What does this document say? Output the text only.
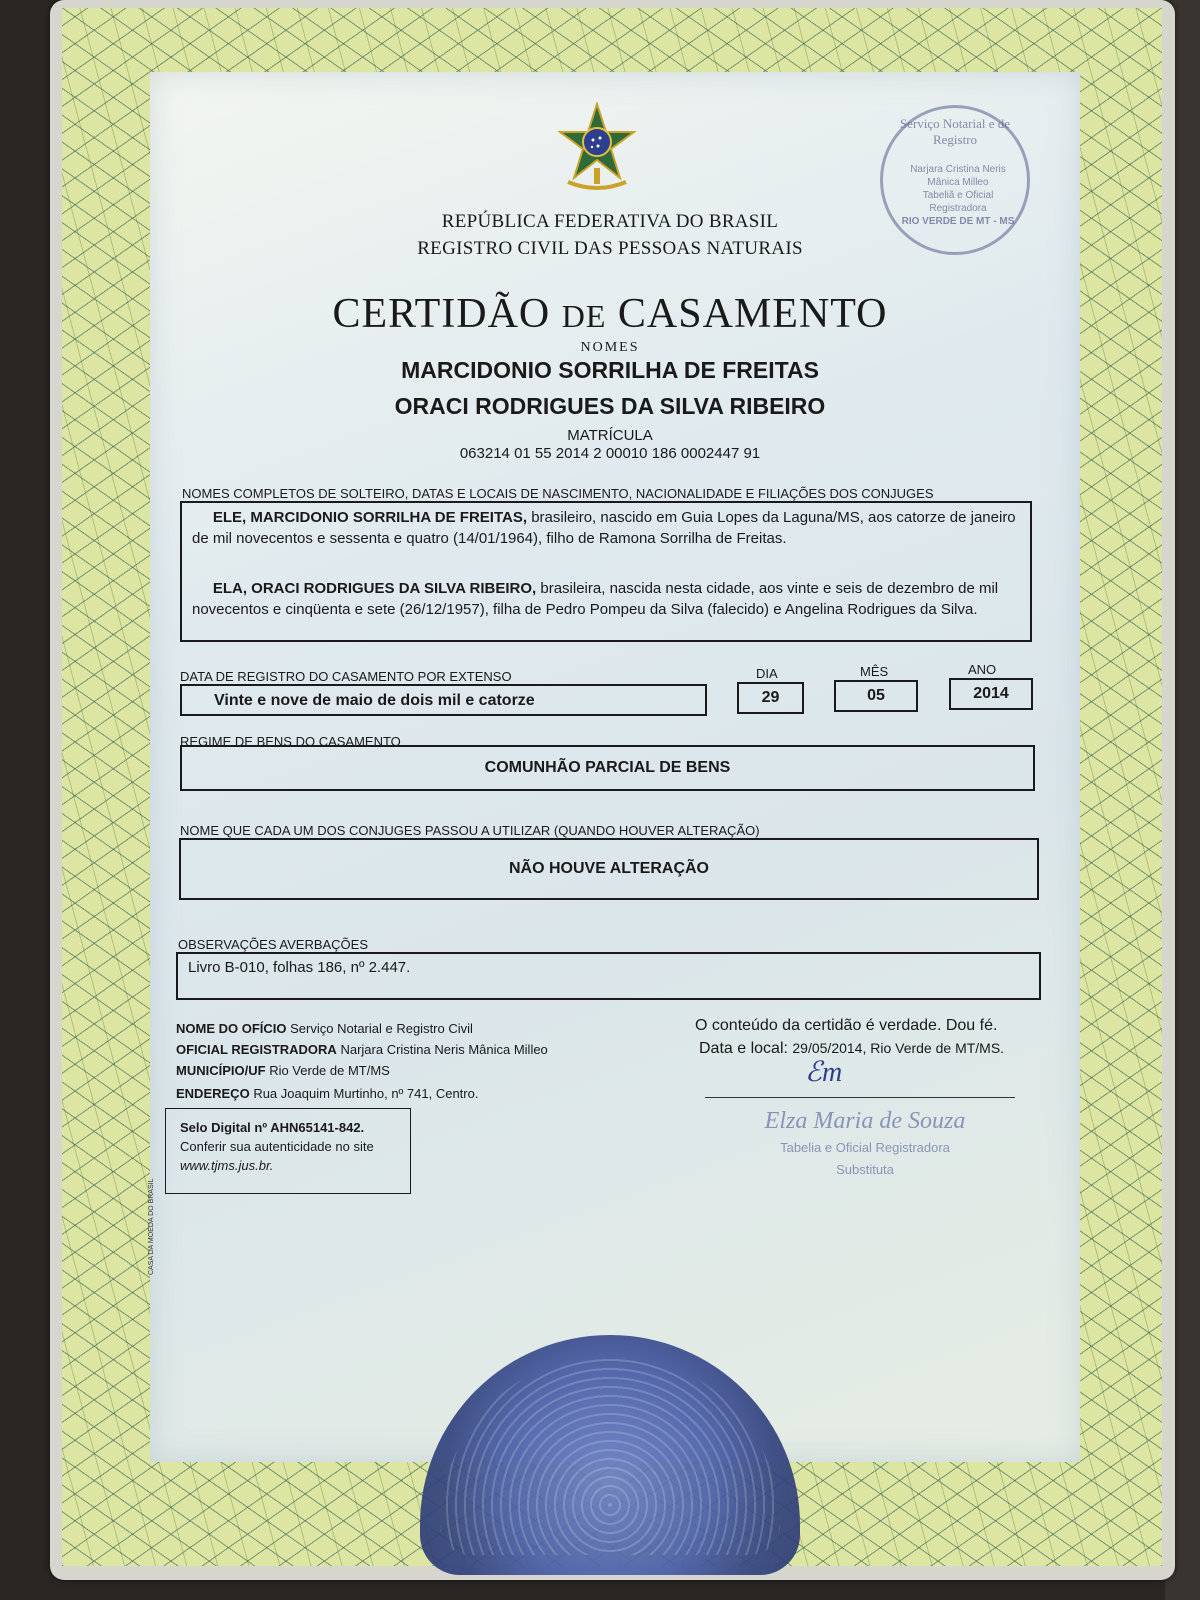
Serviço Notarial e de Registro
Narjara Cristina Neris Mânica Milleo
Tabeliã e Oficial Registradora
RIO VERDE DE MT - MS
REPÚBLICA FEDERATIVA DO BRASIL
REGISTRO CIVIL DAS PESSOAS NATURAIS
CERTIDÃO DE CASAMENTO
NOMES
MARCIDONIO SORRILHA DE FREITAS
ORACI RODRIGUES DA SILVA RIBEIRO
MATRÍCULA
063214 01 55 2014 2 00010 186 0002447 91
NOMES COMPLETOS DE SOLTEIRO, DATAS E LOCAIS DE NASCIMENTO, NACIONALIDADE E FILIAÇÕES DOS CONJUGES
ELE, MARCIDONIO SORRILHA DE FREITAS, brasileiro, nascido em Guia Lopes da Laguna/MS, aos catorze de janeiro de mil novecentos e sessenta e quatro (14/01/1964), filho de Ramona Sorrilha de Freitas.
ELA, ORACI RODRIGUES DA SILVA RIBEIRO, brasileira, nascida nesta cidade, aos vinte e seis de dezembro de mil novecentos e cinqüenta e sete (26/12/1957), filha de Pedro Pompeu da Silva (falecido) e Angelina Rodrigues da Silva.
DATA DE REGISTRO DO CASAMENTO POR EXTENSO	DIA	MÊS	ANO
Vinte e nove de maio de dois mil e catorze	29	05	2014
REGIME DE BENS DO CASAMENTO
COMUNHÃO PARCIAL DE BENS
NOME QUE CADA UM DOS CONJUGES PASSOU A UTILIZAR (QUANDO HOUVER ALTERAÇÃO)
NÃO HOUVE ALTERAÇÃO
OBSERVAÇÕES AVERBAÇÕES
Livro B-010, folhas 186, nº 2.447.
NOME DO OFÍCIO Serviço Notarial e Registro Civil
OFICIAL REGISTRADORA Narjara Cristina Neris Mânica Milleo
MUNICÍPIO/UF Rio Verde de MT/MS
ENDEREÇO Rua Joaquim Murtinho, nº 741, Centro.
Selo Digital nº AHN65141-842.
Conferir sua autenticidade no site
www.tjms.jus.br.
O conteúdo da certidão é verdade. Dou fé.
Data e local: 29/05/2014, Rio Verde de MT/MS.
ℰm
Elza Maria de Souza
Tabelia e Oficial Registradora
Substituta
CASA DA MOEDA DO BRASIL
